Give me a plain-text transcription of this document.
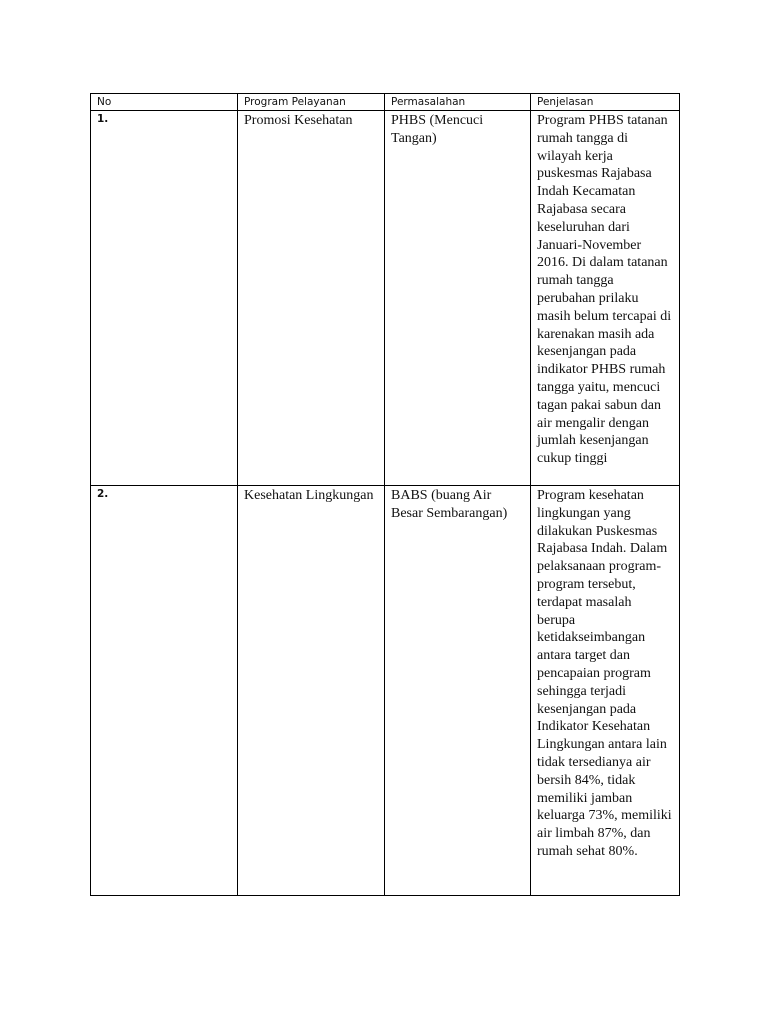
No	Program Pelayanan	Permasalahan	Penjelasan
1.	Promosi Kesehatan	PHBS (Mencuci Tangan)	Program PHBS tatanan rumah tangga di wilayah kerja puskesmas Rajabasa Indah Kecamatan Rajabasa secara keseluruhan dari Januari-November 2016. Di dalam tatanan rumah tangga perubahan prilaku masih belum tercapai di karenakan masih ada kesenjangan pada indikator PHBS rumah tangga yaitu, mencuci tagan pakai sabun dan air mengalir dengan jumlah kesenjangan cukup tinggi
2.	Kesehatan Lingkungan	BABS (buang Air Besar Sembarangan)	Program kesehatan lingkungan yang dilakukan Puskesmas Rajabasa Indah. Dalam pelaksanaan program-program tersebut, terdapat masalah berupa ketidakseimbangan antara target dan pencapaian program sehingga terjadi kesenjangan pada Indikator Kesehatan Lingkungan antara lain tidak tersedianya air bersih 84%, tidak memiliki jamban keluarga 73%, memiliki air limbah 87%, dan rumah sehat 80%.
